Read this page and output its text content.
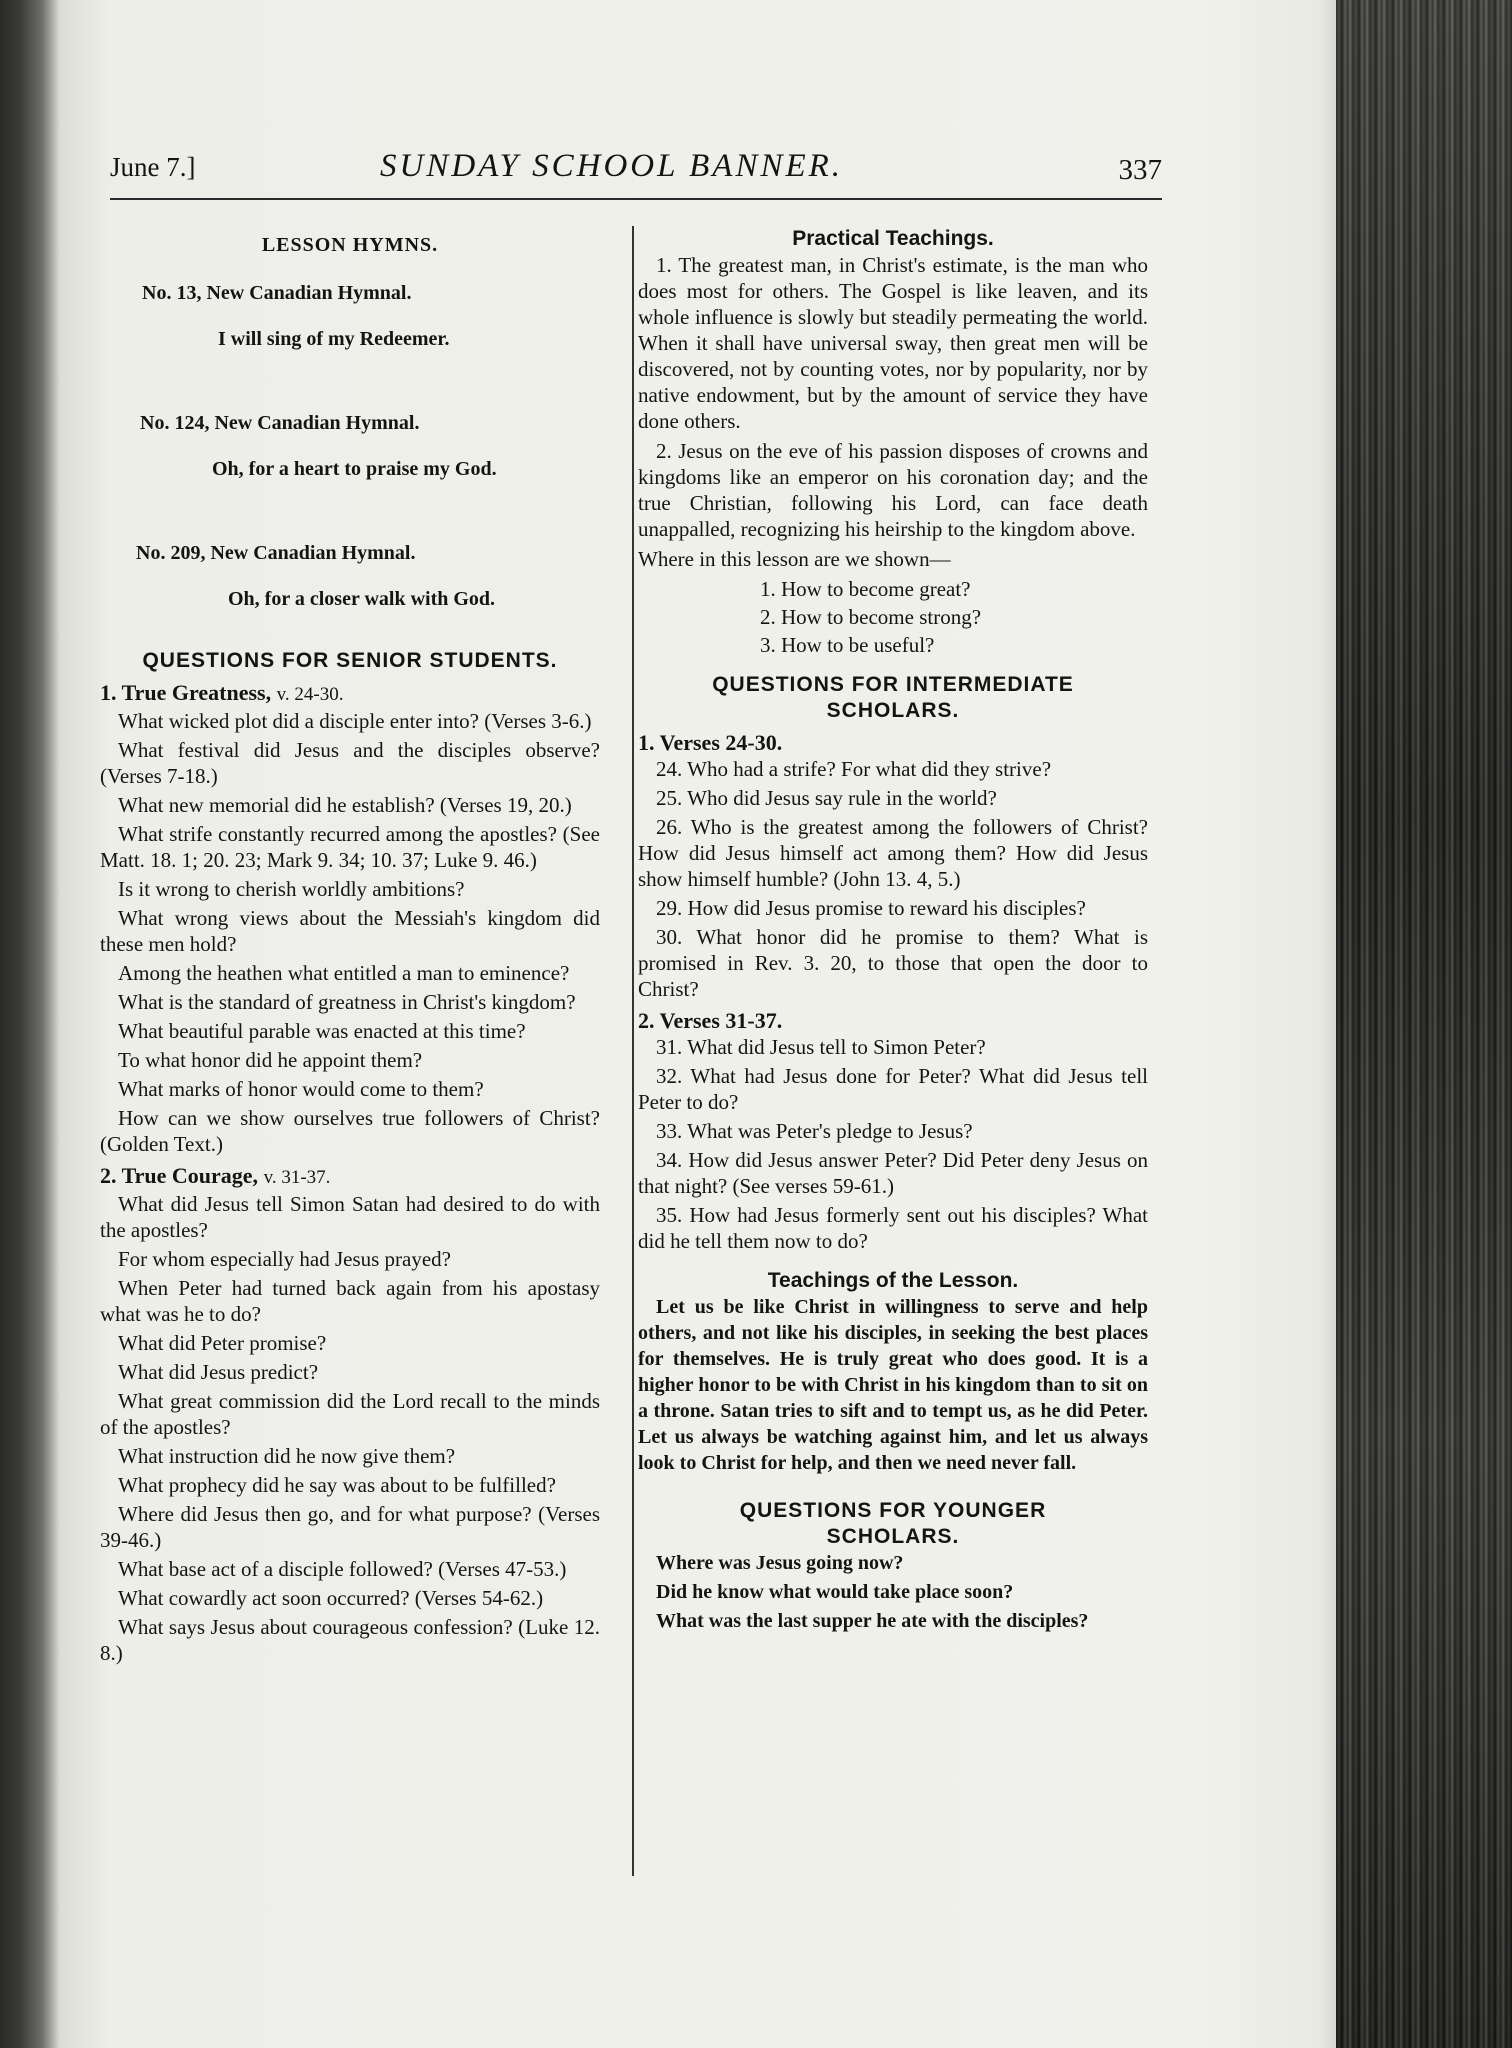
June 7.]	SUNDAY SCHOOL BANNER.	337
LESSON HYMNS.
No. 13, New Canadian Hymnal.
I will sing of my Redeemer.
No. 124, New Canadian Hymnal.
Oh, for a heart to praise my God.
No. 209, New Canadian Hymnal.
Oh, for a closer walk with God.
QUESTIONS FOR SENIOR STUDENTS.
1. True Greatness, v. 24-30.

What wicked plot did a disciple enter into? (Verses 3-6.)

What festival did Jesus and the disciples observe? (Verses 7-18.)

What new memorial did he establish? (Verses 19, 20.)

What strife constantly recurred among the apostles? (See Matt. 18. 1; 20. 23; Mark 9. 34; 10. 37; Luke 9. 46.)

Is it wrong to cherish worldly ambitions?

What wrong views about the Messiah's kingdom did these men hold?

Among the heathen what entitled a man to eminence?

What is the standard of greatness in Christ's kingdom?

What beautiful parable was enacted at this time?

To what honor did he appoint them?

What marks of honor would come to them?

How can we show ourselves true followers of Christ? (Golden Text.)

2. True Courage, v. 31-37.

What did Jesus tell Simon Satan had desired to do with the apostles?

For whom especially had Jesus prayed?

When Peter had turned back again from his apostasy what was he to do?

What did Peter promise?

What did Jesus predict?

What great commission did the Lord recall to the minds of the apostles?

What instruction did he now give them?

What prophecy did he say was about to be fulfilled?

Where did Jesus then go, and for what purpose? (Verses 39-46.)

What base act of a disciple followed? (Verses 47-53.)

What cowardly act soon occurred? (Verses 54-62.)

What says Jesus about courageous confession? (Luke 12. 8.)

Practical Teachings.

1. The greatest man, in Christ's estimate, is the man who does most for others. The Gospel is like leaven, and its whole influence is slowly but steadily permeating the world. When it shall have universal sway, then great men will be discovered, not by counting votes, nor by popularity, nor by native endowment, but by the amount of service they have done others.

2. Jesus on the eve of his passion disposes of crowns and kingdoms like an emperor on his coronation day; and the true Christian, following his Lord, can face death unappalled, recognizing his heirship to the kingdom above.

Where in this lesson are we shown—

1. How to become great?
2. How to become strong?
3. How to be useful?
QUESTIONS FOR INTERMEDIATE SCHOLARS.
1. Verses 24-30.

24. Who had a strife? For what did they strive?

25. Who did Jesus say rule in the world?

26. Who is the greatest among the followers of Christ? How did Jesus himself act among them? How did Jesus show himself humble? (John 13. 4, 5.)

29. How did Jesus promise to reward his disciples?

30. What honor did he promise to them? What is promised in Rev. 3. 20, to those that open the door to Christ?

2. Verses 31-37.

31. What did Jesus tell to Simon Peter?

32. What had Jesus done for Peter? What did Jesus tell Peter to do?

33. What was Peter's pledge to Jesus?

34. How did Jesus answer Peter? Did Peter deny Jesus on that night? (See verses 59-61.)

35. How had Jesus formerly sent out his disciples? What did he tell them now to do?

Teachings of the Lesson.

Let us be like Christ in willingness to serve and help others, and not like his disciples, in seeking the best places for themselves. He is truly great who does good. It is a higher honor to be with Christ in his kingdom than to sit on a throne. Satan tries to sift and to tempt us, as he did Peter. Let us always be watching against him, and let us always look to Christ for help, and then we need never fall.

QUESTIONS FOR YOUNGER SCHOLARS.

Where was Jesus going now?

Did he know what would take place soon?

What was the last supper he ate with the disciples?
